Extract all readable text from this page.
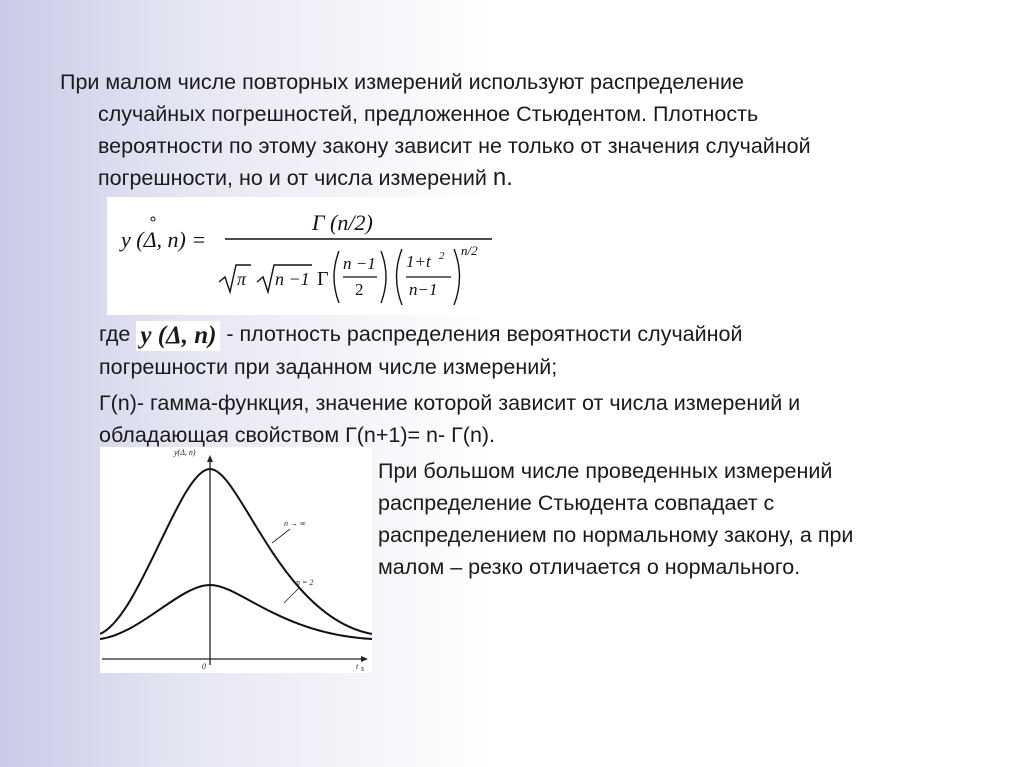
При малом числе повторных измерений используют распределение
случайных погрешностей, предложенное Стьюдентом. Плотность
вероятности по этому закону зависит не только от значения случайной
погрешности, но и от числа измерений n.

y (Δ, n) =
Γ (n/2)
π n −1 Γ
n −1
2
1+t 2
n−1
n/2

где y (Δ, n) - плотность распределения вероятности случайной
погрешности при заданном числе измерений;

Г(n)- гамма-функция, значение которой зависит от числа измерений и
обладающая свойством Г(n+1)= n- Г(n).

y(Δ, n)
t s
0
n → ∞
n = 2

При большом числе проведенных измерений
распределение Стьюдента совпадает с
распределением по нормальному закону, а при
малом – резко отличается о нормального.
